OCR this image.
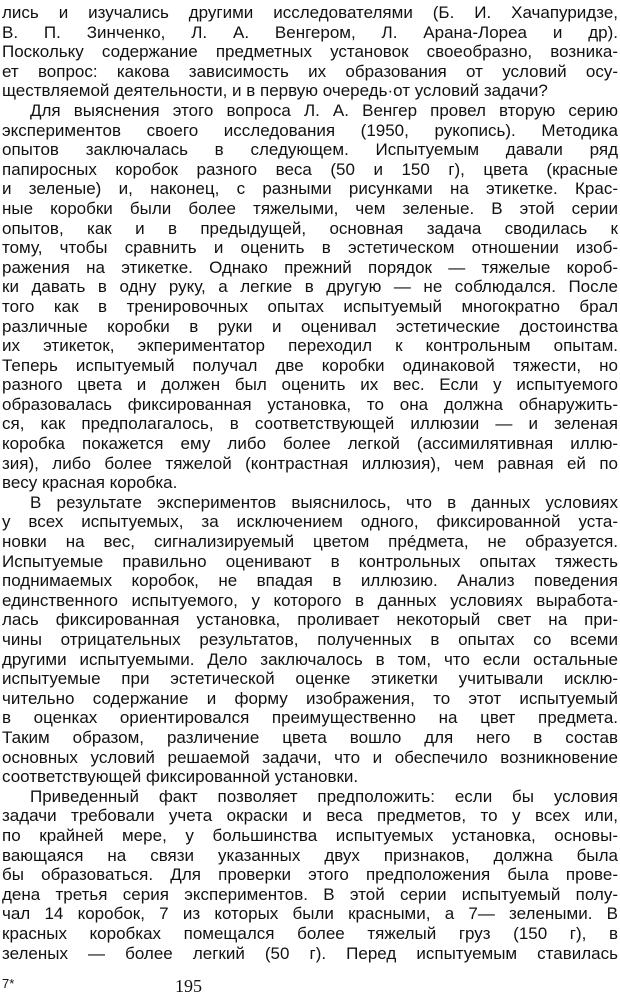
лись и изучались другими исследователями (Б. И. Хачапуридзе,
В. П. Зинченко, Л. А. Венгером, Л. Арана-Лореа и др).
Поскольку содержание предметных установок своеобразно, возника-
ет вопрос: какова зависимость их образования от условий осу-
ществляемой деятельности, и в первую очередь·от условий задачи?
Для выяснения этого вопроса Л. А. Венгер провел вторую серию
экспериментов своего исследования (1950, рукопись). Методика
опытов заключалась в следующем. Испытуемым давали ряд
папиросных коробок разного веса (50 и 150 г), цвета (красные
и зеленые) и, наконец, с разными рисунками на этикетке. Крас-
ные коробки были более тяжелыми, чем зеленые. В этой серии
опытов, как и в предыдущей, основная задача сводилась к
тому, чтобы сравнить и оценить в эстетическом отношении изоб-
ражения на этикетке. Однако прежний порядок — тяжелые короб-
ки давать в одну руку, а легкие в другую — не соблюдался. После
того как в тренировочных опытах испытуемый многократно брал
различные коробки в руки и оценивал эстетические достоинства
их этикеток, экпериментатор переходил к контрольным опытам.
Теперь испытуемый получал две коробки одинаковой тяжести, но
разного цвета и должен был оценить их вес. Если у испытуемого
образовалась фиксированная установка, то она должна обнаружить-
ся, как предполагалось, в соответствующей иллюзии — и зеленая
коробка покажется ему либо более легкой (ассимилятивная иллю-
зия), либо более тяжелой (контрастная иллюзия), чем равная ей по
весу красная коробка.
В результате экспериментов выяснилось, что в данных условиях
у всех испытуемых, за исключением одного, фиксированной уста-
новки на вес, сигнализируемый цветом прéдмета, не образуется.
Испытуемые правильно оценивают в контрольных опытах тяжесть
поднимаемых коробок, не впадая в иллюзию. Анализ поведения
единственного испытуемого, у которого в данных условиях выработа-
лась фиксированная установка, проливает некоторый свет на при-
чины отрицательных результатов, полученных в опытах со всеми
другими испытуемыми. Дело заключалось в том, что если остальные
испытуемые при эстетической оценке этикетки учитывали исклю-
чительно содержание и форму изображения, то этот испытуемый
в оценках ориентировался преимущественно на цвет предмета.
Таким образом, различение цвета вошло для него в состав
основных условий решаемой задачи, что и обеспечило возникновение
соответствующей фиксированной установки.
Приведенный факт позволяет предположить: если бы условия
задачи требовали учета окраски и веса предметов, то у всех или,
по крайней мере, у большинства испытуемых установка, основы-
вающаяся на связи указанных двух признаков, должна была
бы образоваться. Для проверки этого предположения была прове-
дена третья серия экспериментов. В этой серии испытуемый полу-
чал 14 коробок, 7 из которых были красными, а 7— зелеными. В
красных коробках помещался более тяжелый груз (150 г), в
зеленых — более легкий (50 г). Перед испытуемым ставилась
7*	195
